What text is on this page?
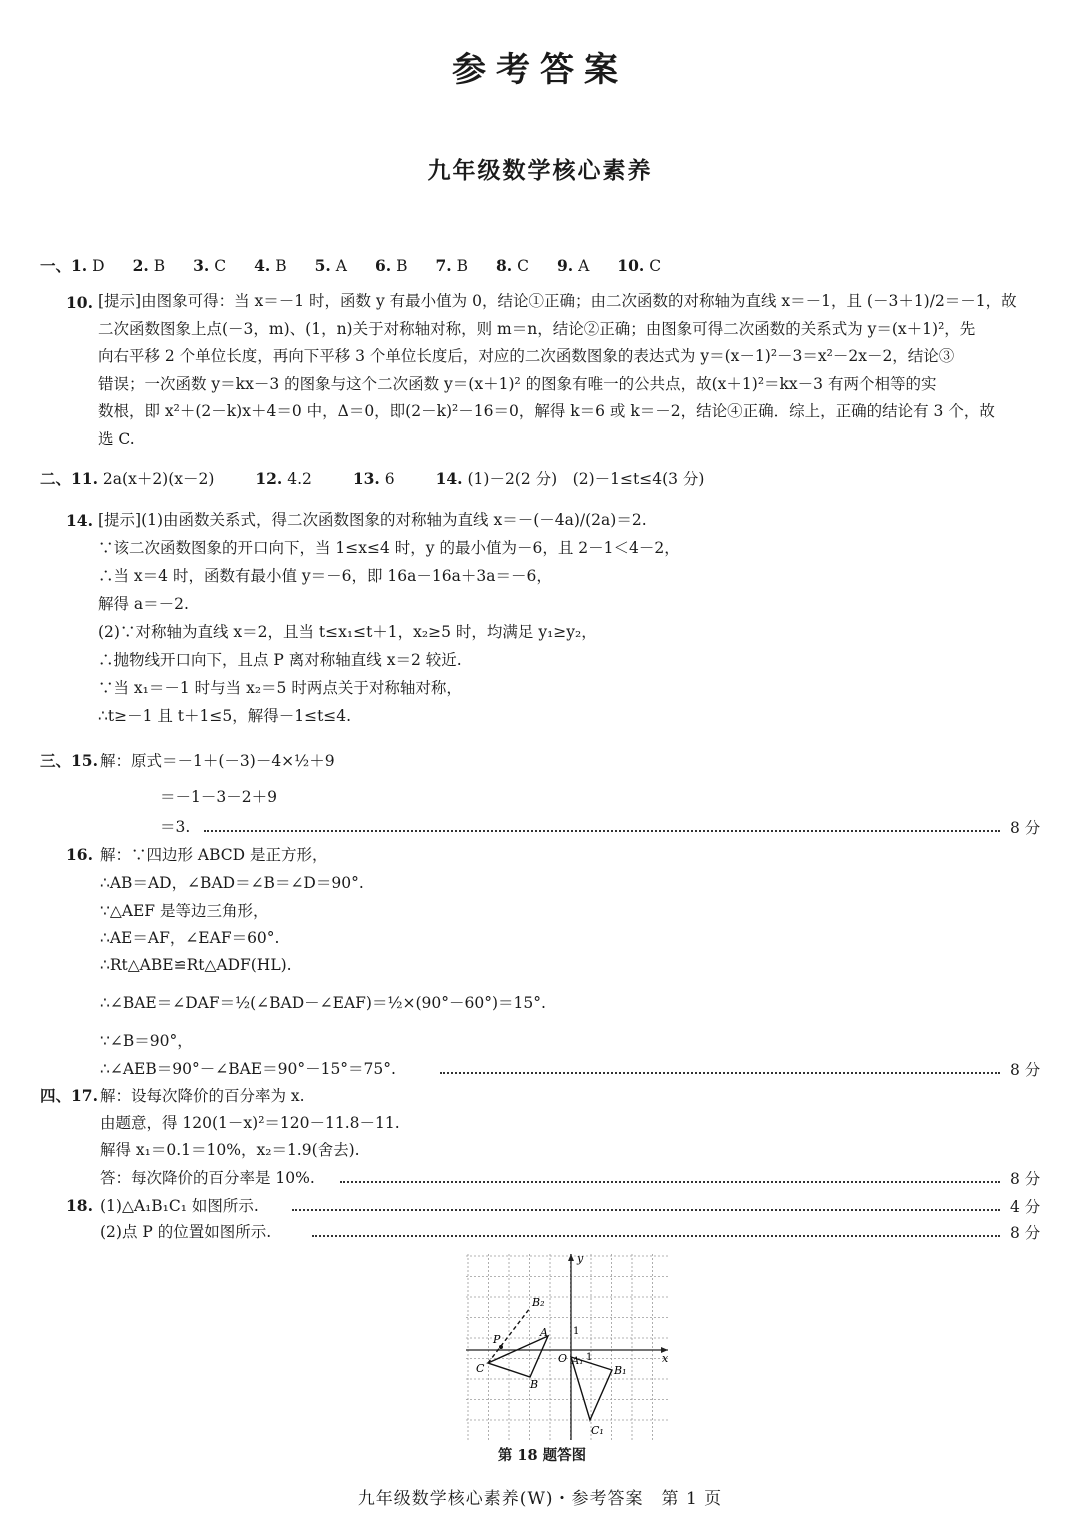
参考答案
九年级数学核心素养
一、1. D 2. B 3. C 4. B 5. A 6. B 7. B 8. C 9. A 10. C
10. [提示]由图象可得：当 x＝－1 时，函数 y 有最小值为 0，结论①正确；由二次函数的对称轴为直线 x＝－1，且 (－3＋1)/2＝－1，故
二次函数图象上点(－3，m)、(1，n)关于对称轴对称，则 m＝n，结论②正确；由图象可得二次函数的关系式为 y＝(x＋1)²，先
向右平移 2 个单位长度，再向下平移 3 个单位长度后，对应的二次函数图象的表达式为 y＝(x－1)²－3＝x²－2x－2，结论③
错误；一次函数 y＝kx－3 的图象与这个二次函数 y＝(x＋1)² 的图象有唯一的公共点，故(x＋1)²＝kx－3 有两个相等的实
数根，即 x²＋(2－k)x＋4＝0 中，Δ＝0，即(2－k)²－16＝0，解得 k＝6 或 k＝－2，结论④正确．综上，正确的结论有 3 个，故
选 C.
二、11. 2a(x＋2)(x－2)	12. 4.2	13. 6	14. (1)－2(2 分)　(2)－1≤t≤4(3 分)
14. [提示](1)由函数关系式，得二次函数图象的对称轴为直线 x＝－(－4a)/(2a)＝2.
∵该二次函数图象的开口向下，当 1≤x≤4 时，y 的最小值为－6，且 2－1＜4－2，
∴当 x＝4 时，函数有最小值 y＝－6，即 16a－16a＋3a＝－6，
解得 a＝－2.
(2)∵对称轴为直线 x＝2，且当 t≤x₁≤t＋1，x₂≥5 时，均满足 y₁≥y₂，
∴抛物线开口向下，且点 P 离对称轴直线 x＝2 较近.
∵当 x₁＝－1 时与当 x₂＝5 时两点关于对称轴对称，
∴t≥－1 且 t＋1≤5，解得－1≤t≤4.
三、15. 解：原式＝－1＋(－3)－4×½＋9
＝－1－3－2＋9
＝3.	8 分
16. 解：∵四边形 ABCD 是正方形，
∴AB＝AD，∠BAD＝∠B＝∠D＝90°.
∵△AEF 是等边三角形，
∴AE＝AF，∠EAF＝60°.
∴Rt△ABE≌Rt△ADF(HL).
∴∠BAE＝∠DAF＝½(∠BAD－∠EAF)＝½×(90°－60°)＝15°.
∵∠B＝90°，
∴∠AEB＝90°－∠BAE＝90°－15°＝75°.	8 分
四、17. 解：设每次降价的百分率为 x.
由题意，得 120(1－x)²＝120－11.8－11.
解得 x₁＝0.1＝10%，x₂＝1.9(舍去).
答：每次降价的百分率是 10%.	8 分
18. (1)△A₁B₁C₁ 如图所示.	4 分
(2)点 P 的位置如图所示.	8 分
y
x
O 1
1
A
B
C
P
B₂
A₁
B₁
C₁
第 18 题答图
九年级数学核心素养(W)・参考答案　第 1 页
